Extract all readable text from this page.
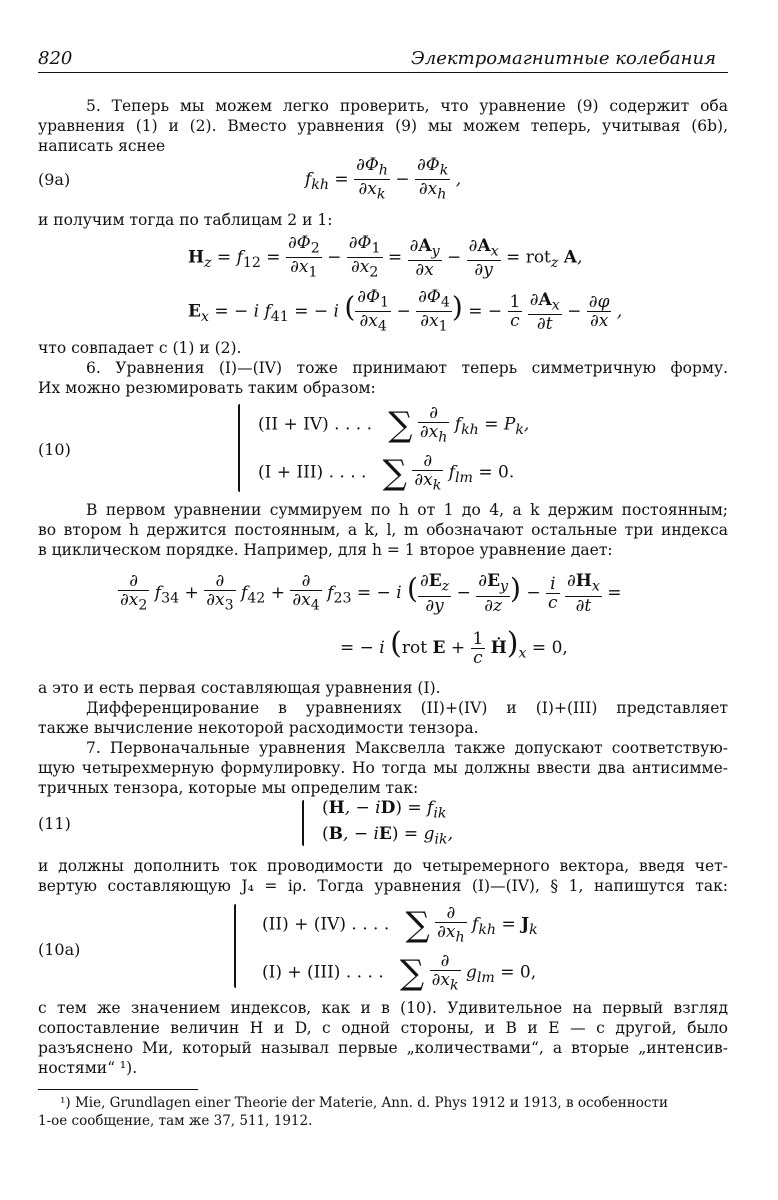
820	Электромагнитные колебания
5. Теперь мы можем легко проверить, что уравнение (9) содержит оба
уравнения (1) и (2). Вместо уравнения (9) мы можем теперь, учитывая (6b),
написать яснее
(9a)	$f_{kh} = \frac{\partial\Phi_h}{\partial x_k} - \frac{\partial\Phi_k}{\partial x_h}$ ,
и получим тогда по таблицам 2 и 1:
$H_z = f_{12} = \frac{\partial\Phi_2}{\partial x_1} - \frac{\partial\Phi_1}{\partial x_2} = \frac{\partial A_y}{\partial x} - \frac{\partial A_x}{\partial y} = rot_z$ A,
$E_x$ = − i $f_{41}$ = − i ( $\frac{\partial\Phi_1}{\partial x_4} - \frac{\partial\Phi_4}{\partial x_1}$ ) = − $\frac{1}{c}$
$\frac{\partial A_x}{\partial t} - \frac{\partial\varphi}{\partial x}$ ,
что совпадает с (1) и (2).
6. Уравнения (I)—(IV) тоже принимают теперь симметричную форму.
Их можно резюмировать таким образом:
(10)
(II + IV) . . . . ∑ ∂
$\partial x_h$
$f_{kh} = P_k$,
(I + III) . . . . ∑ ∂
$\partial x_k$
$f_{lm} = 0$.
В первом уравнении суммируем по h от 1 до 4, а k держим постоянным;
во втором h держится постоянным, а k, l, m обозначают остальные три индекса
в циклическом порядке. Например, для h = 1 второе уравнение дает:
∂
$\partial x_2$
$f_{34}$ +
∂
$\partial x_3$
$f_{42}$ +
∂
$\partial x_4$
$f_{23}$ = − i ( $\frac{\partial E_z}{\partial y} - \frac{\partial E_y}{\partial z}$ ) − $\frac{i}{c}$
$\frac{\partial H_x}{\partial t}$ =
= − i (rot $E + \frac{1}{c}$ $Ḣ)_x = 0$,
а это и есть первая составляющая уравнения (I).
Дифференцирование в уравнениях (II)+(IV) и (I)+(III) представляет
также вычисление некоторой расходимости тензора.
7. Первоначальные уравнения Максвелла также допускают соответствую-
щую четырехмерную формулировку. Но тогда мы должны ввести два антисимме-
тричных тензора, которые мы определим так:
(11)
(H, − $iD) = f_{ik}$
(B, − $iE) = g_{ik}$,
и должны дополнить ток проводимости до четыремерного вектора, введя чет-
вертую составляющую J₄ = iρ. Тогда уравнения (I)—(IV), § 1, напишутся так:
(10a)
(II) + (IV) . . . . ∑ ∂
$\partial x_h$
$f_{kh} = J_k$
(I) + (III) . . . . ∑ ∂
$\partial x_k$
$g_{lm} = 0$,
с тем же значением индексов, как и в (10). Удивительное на первый взгляд
сопоставление величин H и D, с одной стороны, и B и E — с другой, было
разъяснено Ми, который называл первые „количествами“, а вторые „интенсив-
ностями“ ¹).
¹) Mie, Grundlagen einer Theorie der Materie, Ann. d. Phys 1912 и 1913, в особенности
1-ое сообщение, там же 37, 511, 1912.
